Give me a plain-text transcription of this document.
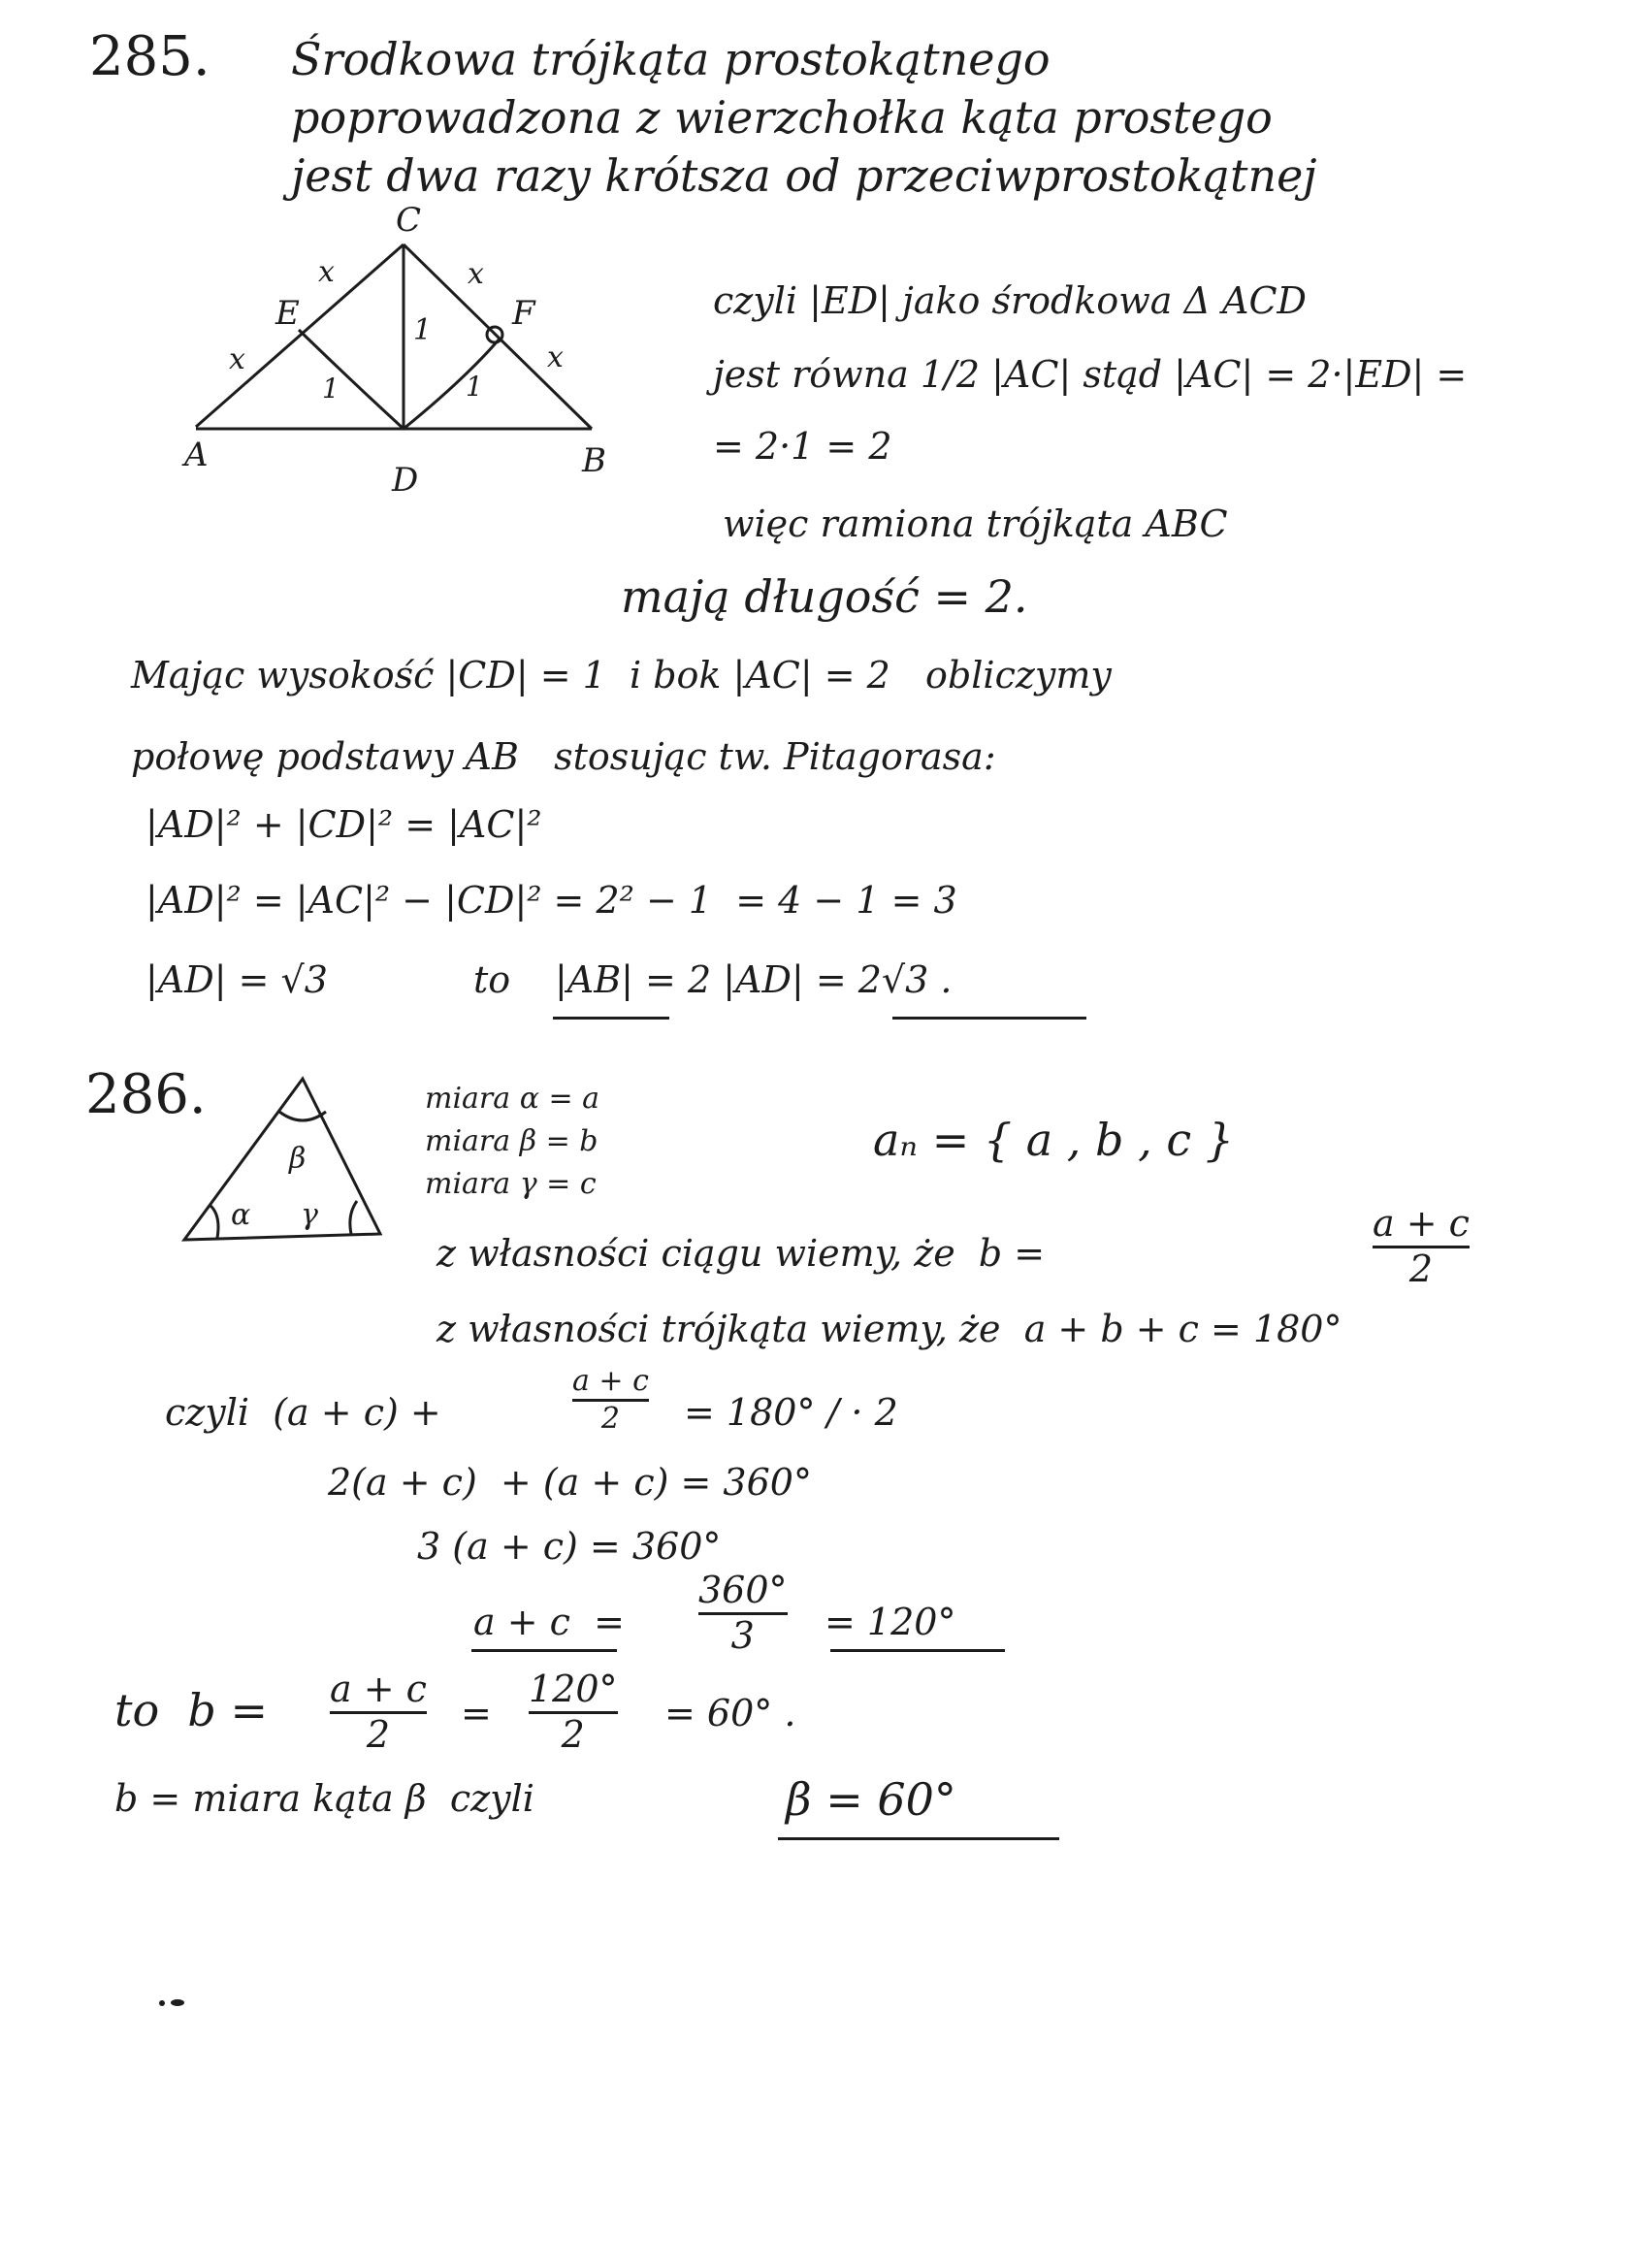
285. Środkowa trójkąta prostokątnego
poprowadzona z wierzchołka kąta prostego
jest dwa razy krótsza od przeciwprostokątnej
C
E	F
A
D	B
x
x
x
x
1
1	1
czyli |ED| jako środkowa Δ ACD
jest równa 1/2 |AC| stąd |AC| = 2·|ED| =
= 2·1 = 2
więc ramiona trójkąta ABC
mają długość = 2.
Mając wysokość |CD| = 1  i bok |AC| = 2   obliczymy
połowę podstawy AB   stosując tw. Pitagorasa:
|AD|² + |CD|² = |AC|²
|AD|² = |AC|² − |CD|² = 2² − 1  = 4 − 1 = 3
|AD| = √3	to |AB| = 2 |AD| = 2√3 .
286.
β
α γ
miara α = a
miara β = b
miara γ = c
aₙ = { a , b , c }
z własności ciągu wiemy, że  b =
a + c
2
z własności trójkąta wiemy, że  a + b + c = 180°
czyli  (a + c) +
a + c
2 = 180° / · 2
2(a + c)  + (a + c) = 360°
3 (a + c) = 360°
a + c  =
360°
3 = 120°
to  b = a + c
2 =
120°
2 = 60° .
b = miara kąta β  czyli	β = 60°
